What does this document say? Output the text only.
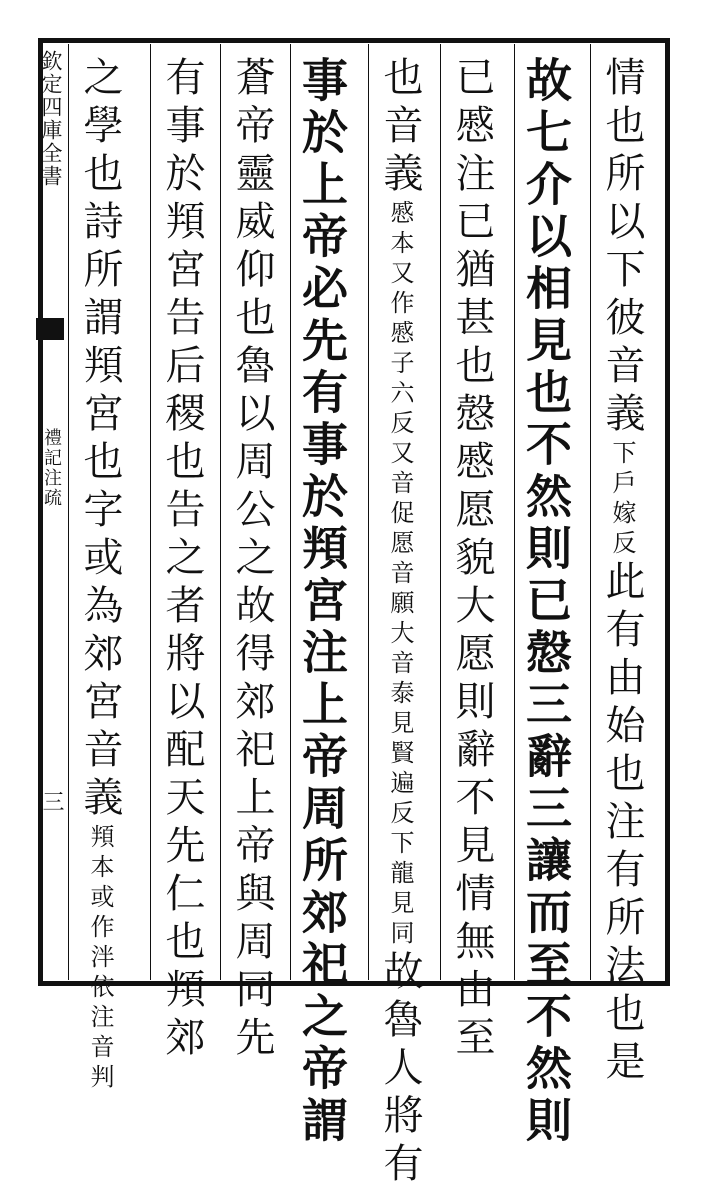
欽定四庫全書
禮記注疏
三
情也所以下彼音義下戶嫁反此有由始也注有所法也是
故七介以相見也不然則已慤三辭三讓而至不然則
已慼注已猶甚也慤慼愿貌大愿則辭不見情無由至
也音義慼本又作慼子六反又音促愿音願大音泰見賢遍反下龍見同故魯人將有
事於上帝必先有事於頖宮注上帝周所郊祀之帝謂
蒼帝靈威仰也魯以周公之故得郊祀上帝與周同先
有事於頖宮告后稷也告之者將以配天先仁也頖郊
之學也詩所謂頖宮也字或為郊宮音義頖本或作泮依注音判
